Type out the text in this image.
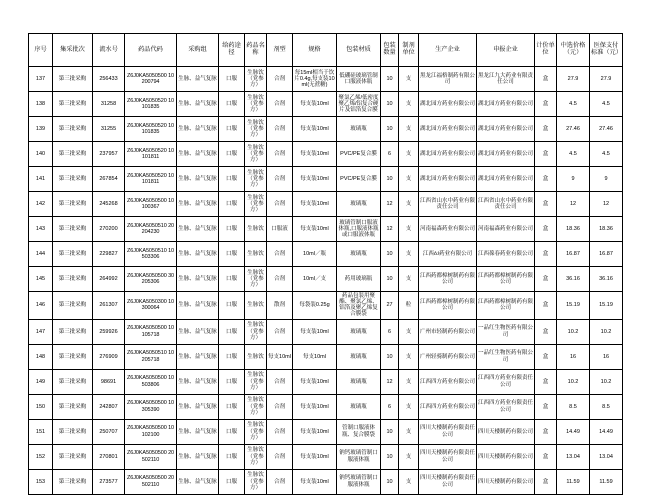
序号	集采批次	流水号	药品代码	采购组	给药途径	药品名称	剂型	规格	包装材质	包装数量	制剂单位	生产企业	申报企业	计价单位	中选价格（元）	医保支付标准（元）
137	第三批采购	256433	Z6J0KA5050500 10200794	生脉、益气复脉	口服	生脉饮（党参方）	合剂	每15ml相当于饮片0.4g,每支装10ml(无蔗糖)	低硼硅玻璃管制口服液体瓶	10	支	黑龙江福格制药有限公司	黑龙江九大药业有限责任公司	盒	27.9	27.9
138	第三批采购	31258	Z6J0KA5050520 10101835	生脉、益气复脉	口服	生脉饮（党参方）	合剂	每支装10ml	聚氯乙烯/低密度聚乙烯/铝复合硬片及铝箔复合膜	10	支	湖北园方药业有限公司	湖北园方药业有限公司	盒	4.5	4.5
139	第三批采购	31255	Z6J0KA5050520 10101835	生脉、益气复脉	口服	生脉饮（党参方）	合剂	每支装10ml	玻璃瓶	10	支	湖北园方药业有限公司	湖北园方药业有限公司	盒	27.46	27.46
140	第三批采购	237957	Z6J0KA5050520 10101811	生脉、益气复脉	口服	生脉饮（党参方）	合剂	每支装10ml	PVC/PE复合膜	6	支	湖北园方药业有限公司	湖北园方药业有限公司	盒	4.5	4.5
141	第三批采购	267854	Z6J0KA5050520 10101811	生脉、益气复脉	口服	生脉饮（党参方）	合剂	每支装10ml	PVC/PE复合膜	10	支	湖北园方药业有限公司	湖北园方药业有限公司	盒	9	9
142	第三批采购	245268	Z6J0KA5050500 10100367	生脉、益气复脉	口服	生脉饮（党参方）	合剂	每支装10ml	玻璃瓶	12	支	江西省山水中药业有限责任公司	江西省山水中药业有限责任公司	盒	12	12
143	第三批采购	270200	Z6J0KA5050510 20204230	生脉、益气复脉	口服	生脉饮	口服液	每支装10ml	玻璃管制口服液体瓶,口服液体瓶或口服液体瓶	12	支	河南福森药业有限公司	河南福森药业有限公司	盒	18.36	18.36
144	第三批采购	229827	Z6J0KA5050510 10503306	生脉、益气复脉	口服	生脉饮	合剂	10ml／瓶	玻璃瓶	10	支	江西ស药业有限公司	江西葆春药业有限公司	盒	16.87	16.87
145	第三批采购	264992	Z6J0KA5050500 30205306	生脉、益气复脉	口服	生脉饮（党参方）	合剂	10ml／支	药用玻璃瓶	10	支	江西药都樟树制药有限公司	江西药都樟树制药有限公司	盒	36.16	36.16
146	第三批采购	261307	Z6J0KA5050300 10300064	生脉、益气复脉	口服	生脉饮	散剂	每袋装0.25g	药品包装用聚酯、聚氯乙烯、铝箔及聚乙烯复合膜袋	27	粒	江西药都樟树制药有限公司	江西药都樟树制药有限公司	盒	15.19	15.19
147	第三批采购	259926	Z6J0KA5050500 10105718	生脉、益气复脉	口服	生脉饮（党参方）	合剂	每支装10ml	玻璃瓶	6	支	广州市轻制药有限公司	一品红生物医药有限公司	盒	10.2	10.2
148	第三批采购	276909	Z6J0KA5050510 10205718	生脉、益气复脉	口服	生脉饮	每支10ml	每支10ml	玻璃瓶	10	支	广州轻骑制药有限公司	一品红生物医药有限公司	盒	16	16
149	第三批采购	98691	Z6J0KA5050500 10503806	生脉、益气复脉	口服	生脉饮（党参方）	合剂	每支装10ml	玻璃瓶	12	支	江西四方药业有限公司	江西四方药业有限责任公司	盒	10.2	10.2
150	第三批采购	242807	Z6J0KA5050500 10305390	生脉、益气复脉	口服	生脉饮（党参方）	合剂	每支装10ml	玻璃瓶	6	支	江西四方药业有限公司	江西四方药业有限责任公司	盒	8.5	8.5
151	第三批采购	250707	Z6J0KA5050500 10102100	生脉、益气复脉	口服	生脉饮（党参方）	合剂	每支装10ml	管制口服液体瓶、复合膜袋	10	支	四川大楼制药有限责任公司	四川天楼制药有限公司	盒	14.49	14.49
152	第三批采购	270801	Z6J0KA5050500 20502110	生脉、益气复脉	口服	生脉饮（党参方）	合剂	每支装10ml	钠钙玻璃管制口服液体瓶	10	支	四川天楼制药有限责任公司	四川天楼制药有限公司	盒	13.04	13.04
153	第三批采购	273577	Z6J0KA5050500 20502110	生脉、益气复脉	口服	生脉饮（党参方）	合剂	每支装10ml	钠钙玻璃管制口服液体瓶	10	支	四川天楼制药有限责任公司	四川天楼制药有限公司	盒	11.59	11.59
